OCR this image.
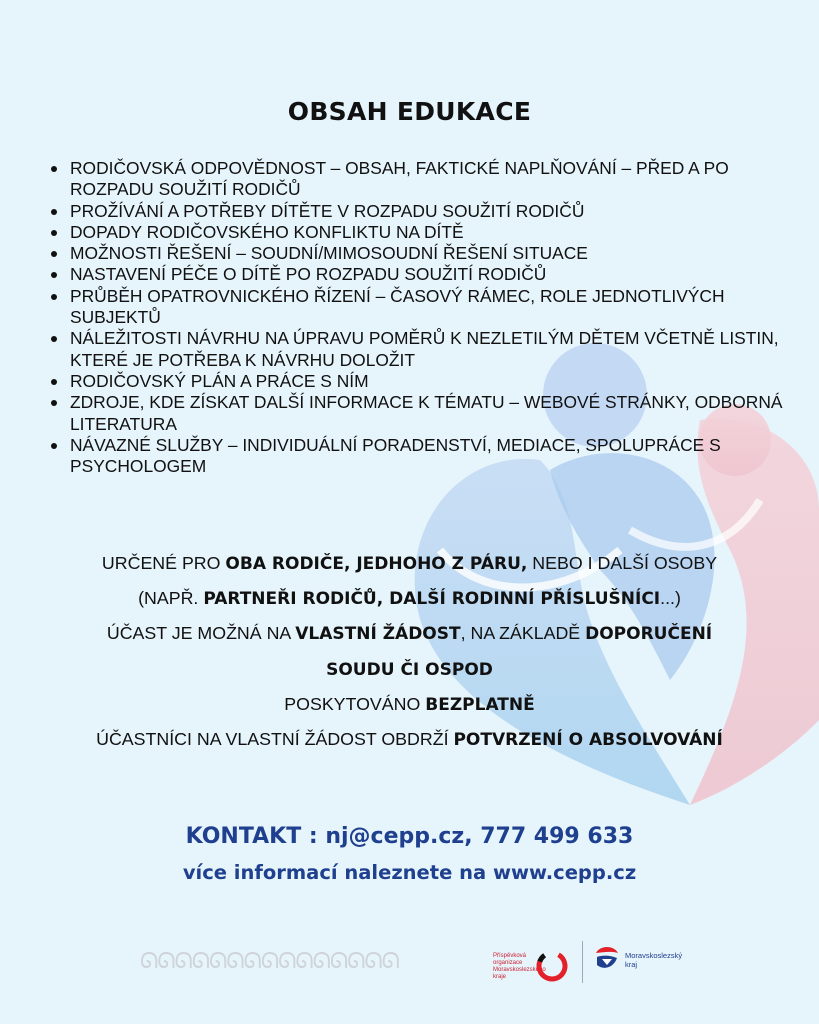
OBSAH EDUKACE
RODIČOVSKÁ ODPOVĚDNOST – OBSAH, FAKTICKÉ NAPLŇOVÁNÍ – PŘED A PO ROZPADU SOUŽITÍ RODIČŮ
PROŽÍVÁNÍ A POTŘEBY DÍTĚTE V ROZPADU SOUŽITÍ RODIČŮ
DOPADY RODIČOVSKÉHO KONFLIKTU NA DÍTĚ
MOŽNOSTI ŘEŠENÍ – SOUDNÍ/MIMOSOUDNÍ ŘEŠENÍ SITUACE
NASTAVENÍ PÉČE O DÍTĚ PO ROZPADU SOUŽITÍ RODIČŮ
PRŮBĚH OPATROVNICKÉHO ŘÍZENÍ – ČASOVÝ RÁMEC, ROLE JEDNOTLIVÝCH SUBJEKTŮ
NÁLEŽITOSTI NÁVRHU NA ÚPRAVU POMĚRŮ K NEZLETILÝM DĚTEM VČETNĚ LISTIN, KTERÉ JE POTŘEBA K NÁVRHU DOLOŽIT
RODIČOVSKÝ PLÁN A PRÁCE S NÍM
ZDROJE, KDE ZÍSKAT DALŠÍ INFORMACE K TÉMATU – WEBOVÉ STRÁNKY, ODBORNÁ LITERATURA
NÁVAZNÉ SLUŽBY – INDIVIDUÁLNÍ PORADENSTVÍ, MEDIACE, SPOLUPRÁCE S PSYCHOLOGEM
URČENÉ PRO OBA RODIČE, JEDHOHO Z PÁRU, NEBO I DALŠÍ OSOBY
(NAPŘ. PARTNEŘI RODIČŮ, DALŠÍ RODINNÍ PŘÍSLUŠNÍCI...)
ÚČAST JE MOŽNÁ NA VLASTNÍ ŽÁDOST, NA ZÁKLADĚ DOPORUČENÍ
SOUDU ČI OSPOD
POSKYTOVÁNO BEZPLATNĚ
ÚČASTNÍCI NA VLASTNÍ ŽÁDOST OBDRŽÍ POTVRZENÍ O ABSOLVOVÁNÍ
KONTAKT : nj@cepp.cz, 777 499 633
více informací naleznete na www.cepp.cz
ᘏᘏᘏᘏᘏᘏᘏᘏᘏᘏᘏᘏᘏᘏᘏ	Příspěvková organizace Moravskoslezského kraje
Moravskoslezský
kraj
